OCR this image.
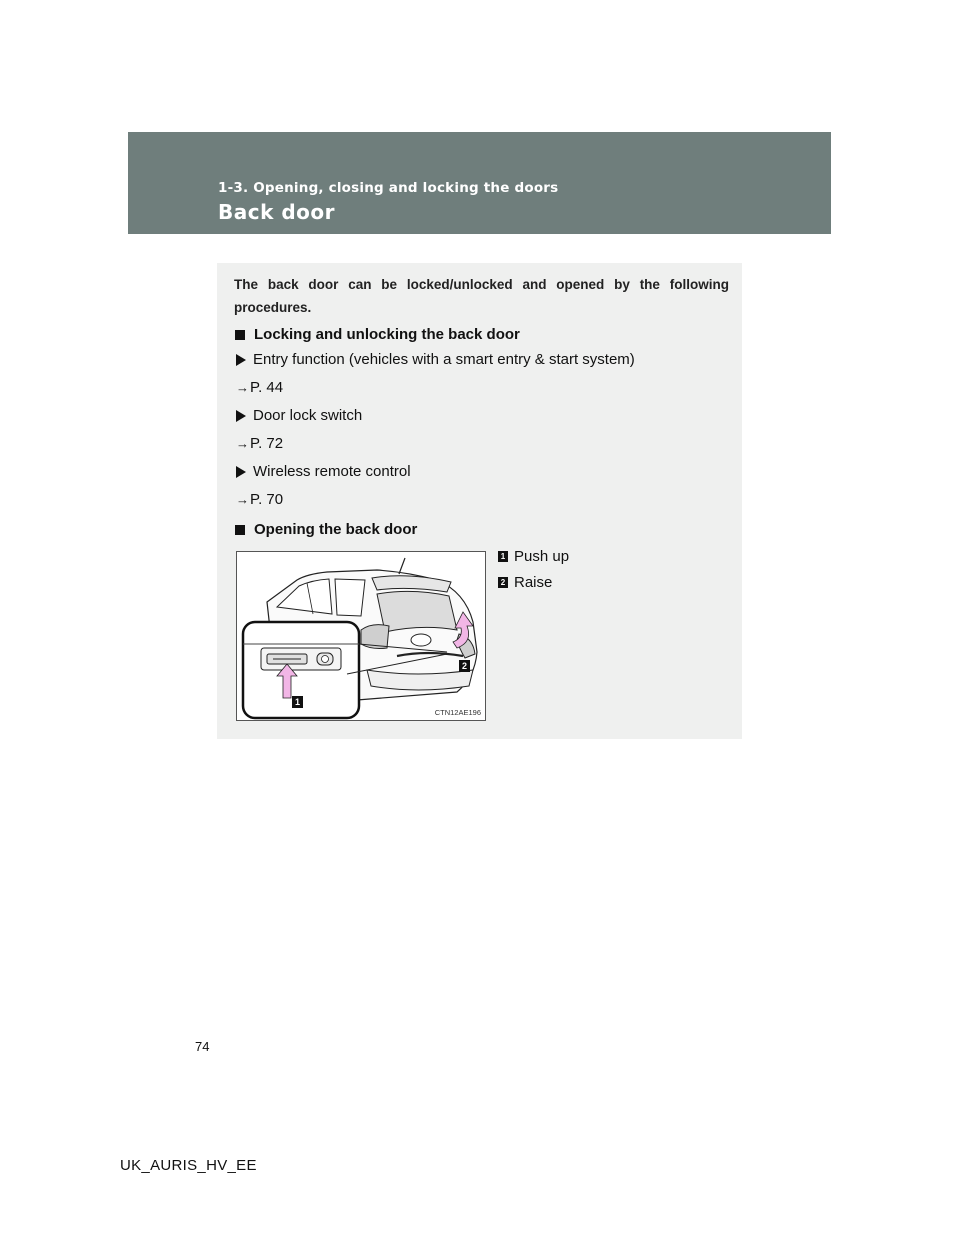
1-3. Opening, closing and locking the doors
Back door
The back door can be locked/unlocked and opened by the following procedures.
Locking and unlocking the back door
Entry function (vehicles with a smart entry & start system)
→P. 44
Door lock switch
→P. 72
Wireless remote control
→P. 70
Opening the back door
1
2
CTN12AE196
1 Push up
2 Raise
74
UK_AURIS_HV_EE
